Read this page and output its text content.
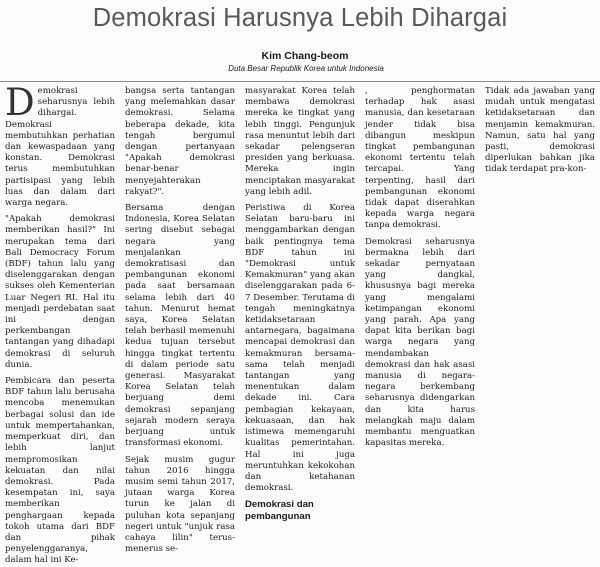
Demokrasi Harusnya Lebih Dihargai
Kim Chang-beom
Duta Besar Republik Korea untuk Indonesia

Demokrasi seharusnya lebih dihargai. Demokrasi membutuhkan perhatian dan kewaspadaan yang konstan. Demokrasi terus membutuhkan partisipasi yang lebih luas dan dalam dari warga negara.

"Apakah demokrasi memberikan hasil?" Ini merupakan tema dari Bali Democracy Forum (BDF) tahun lalu yang diselenggarakan dengan sukses oleh Kementerian Luar Negeri RI. Hal itu menjadi perdebatan saat ini dengan perkembangan tantangan yang dihadapi demokrasi di seluruh dunia.

Pembicara dan peserta BDF tahun lalu berusaha mencoba menemukan berbagai solusi dan ide untuk mempertahankan, memperkuat diri, dan lebih lanjut mempromosikan kekuatan dan nilai demokrasi. Pada kesempatan ini, saya memberikan penghargaan kepada tokoh utama dari BDF dan pihak penyelenggaranya, dalam hal ini Ke-

bangsa serta tantangan yang melemahkan dasar demokrasi. Selama beberapa dekade, kita tengah bergumul dengan pertanyaan "Apakah demokrasi benar-benar menyejahterakan rakyat?".

Bersama dengan Indonesia, Korea Selatan sering disebut sebagai negara yang menjalankan demokratisasi dan pembangunan ekonomi pada saat bersamaan selama lebih dari 40 tahun. Menurut hemat saya, Korea Selatan telah berhasil memenuhi kedua tujuan tersebut hingga tingkat tertentu di dalam periode satu generasi. Masyarakat Korea Selatan telah berjuang demi demokrasi sepanjang sejarah modern seraya berjuang untuk transformasi ekonomi.

Sejak musim gugur tahun 2016 hingga musim semi tahun 2017, jutaan warga Korea turun ke jalan di puluhan kota sepanjang negeri untuk "unjuk rasa cahaya lilin" terus-menerus se-

masyarakat Korea telah membawa demokrasi mereka ke tingkat yang lebih tinggi. Pengunjuk rasa menuntut lebih dari sekadar pelengseran presiden yang berkuasa. Mereka ingin menciptakan masyarakat yang lebih adil.

Peristiwa di Korea Selatan baru-baru ini menggambarkan dengan baik pentingnya tema BDF tahun ini "Demokrasi untuk Kemakmuran" yang akan diselenggarakan pada 6-7 Desember. Terutama di tengah meningkatnya ketidaksetaraan antarnegara, bagaimana mencapai demokrasi dan kemakmuran bersama-sama telah menjadi tantangan yang menentukan dalam dekade ini. Cara pembagian kekayaan, kekuasaan, dan hak istimewa memengaruhi kualitas pemerintahan. Hal ini juga meruntuhkan kekokohan dan ketahanan demokrasi.

Demokrasi dan pembangunan

, penghormatan terhadap hak asasi manusia, dan kesetaraan jender tidak bisa dibangun meskipun tingkat pembangunan ekonomi tertentu telah tercapai. Yang terpenting, hasil dari pembangunan ekonomi tidak dapat diserahkan kepada warga negara tanpa demokrasi.

Demokrasi seharusnya bermakna lebih dari sekadar pernyataan yang dangkal, khususnya bagi mereka yang mengalami ketimpangan ekonomi yang parah. Apa yang dapat kita berikan bagi warga negara yang mendambakan demokrasi dan hak asasi manusia di negara-negara berkembang seharusnya didengarkan dan kita harus melangkah maju dalam membantu menguatkan kapasitas mereka.

Tidak ada jawaban yang mudah untuk mengatasi ketidaksetaraan dan menjamin kemakmuran. Namun, satu hal yang pasti, demokrasi diperlukan bahkan jika tidak terdapat pra-kon-
